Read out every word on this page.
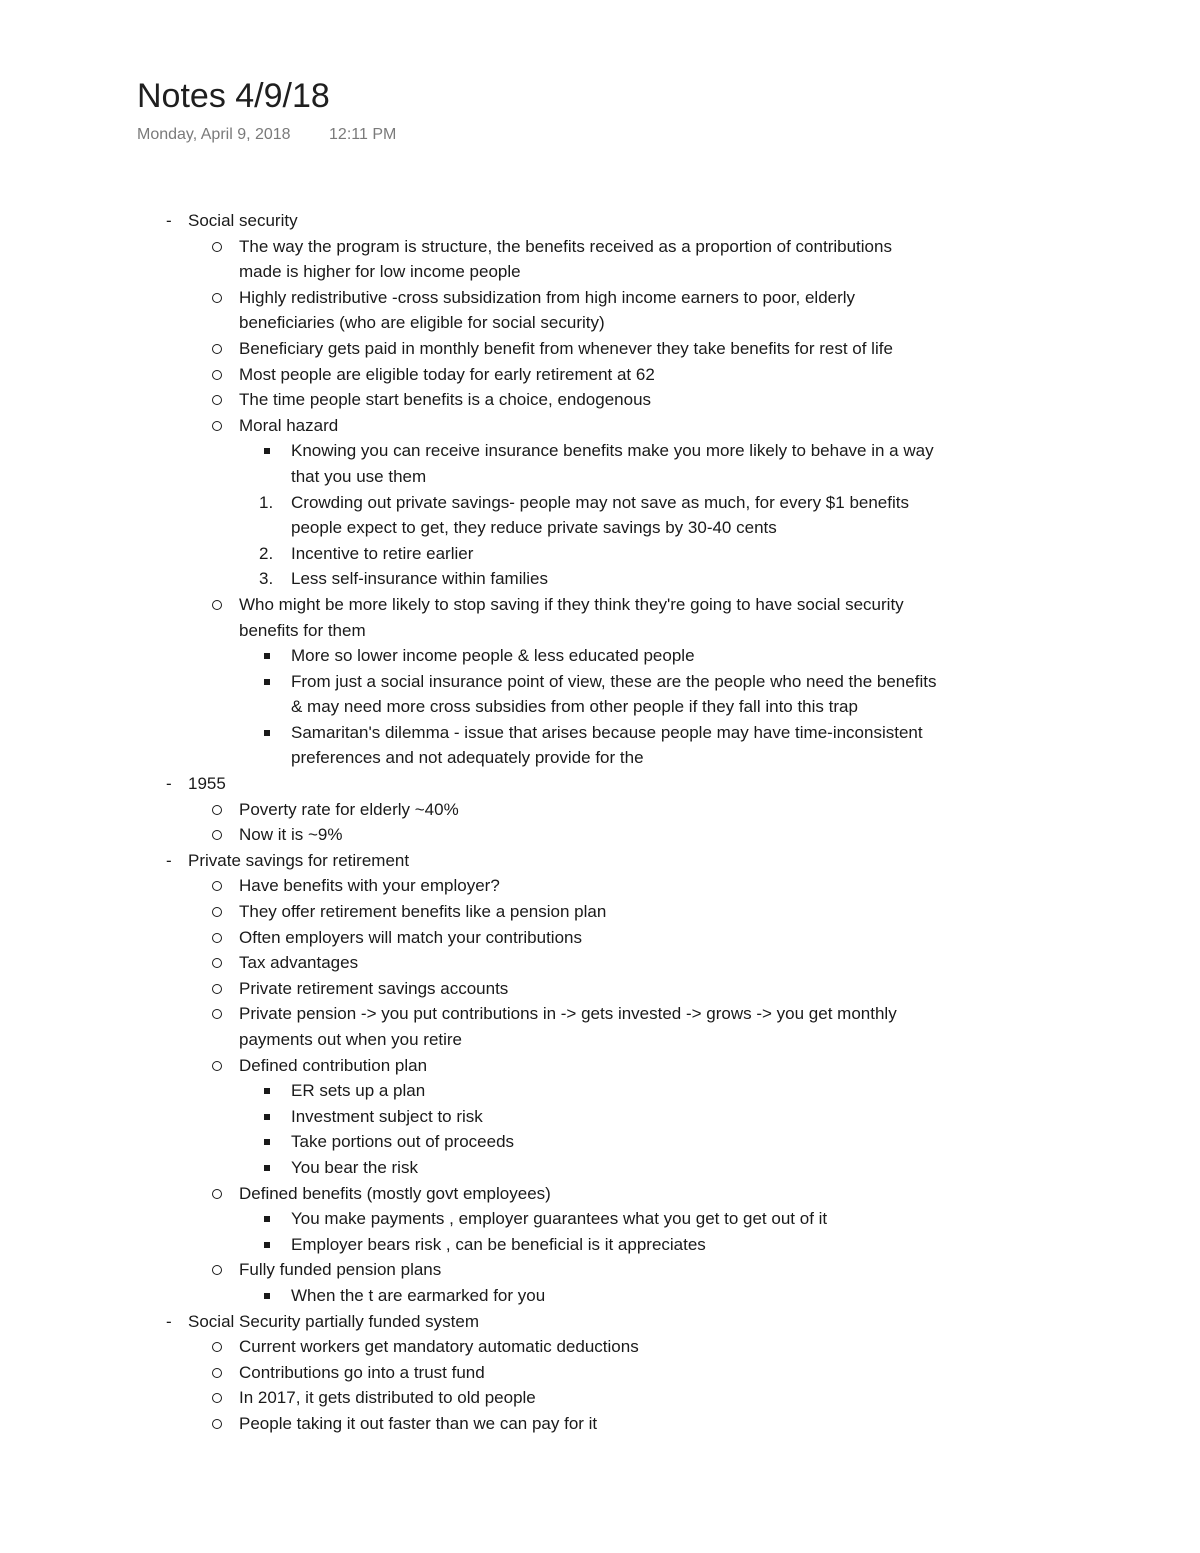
Notes 4/9/18
Monday, April 9, 2018 12:11 PM
-
Social security
The way the program is structure, the benefits received as a proportion of contributions
made is higher for low income people
Highly redistributive -cross subsidization from high income earners to poor, elderly
beneficiaries (who are eligible for social security)
Beneficiary gets paid in monthly benefit from whenever they take benefits for rest of life
Most people are eligible today for early retirement at 62
The time people start benefits is a choice, endogenous
Moral hazard
Knowing you can receive insurance benefits make you more likely to behave in a way
that you use them
1. Crowding out private savings- people may not save as much, for every $1 benefits
people expect to get, they reduce private savings by 30-40 cents
2. Incentive to retire earlier
3. Less self-insurance within families
Who might be more likely to stop saving if they think they're going to have social security
benefits for them
More so lower income people & less educated people
From just a social insurance point of view, these are the people who need the benefits
& may need more cross subsidies from other people if they fall into this trap
Samaritan's dilemma - issue that arises because people may have time-inconsistent
preferences and not adequately provide for the
-
1955
Poverty rate for elderly ~40%
Now it is ~9%
-
Private savings for retirement
Have benefits with your employer?
They offer retirement benefits like a pension plan
Often employers will match your contributions
Tax advantages
Private retirement savings accounts
Private pension -> you put contributions in -> gets invested -> grows -> you get monthly
payments out when you retire
Defined contribution plan
ER sets up a plan
Investment subject to risk
Take portions out of proceeds
You bear the risk
Defined benefits (mostly govt employees)
You make payments , employer guarantees what you get to get out of it
Employer bears risk , can be beneficial is it appreciates
Fully funded pension plans
When the t are earmarked for you
-
Social Security partially funded system
Current workers get mandatory automatic deductions
Contributions go into a trust fund
In 2017, it gets distributed to old people
People taking it out faster than we can pay for it
